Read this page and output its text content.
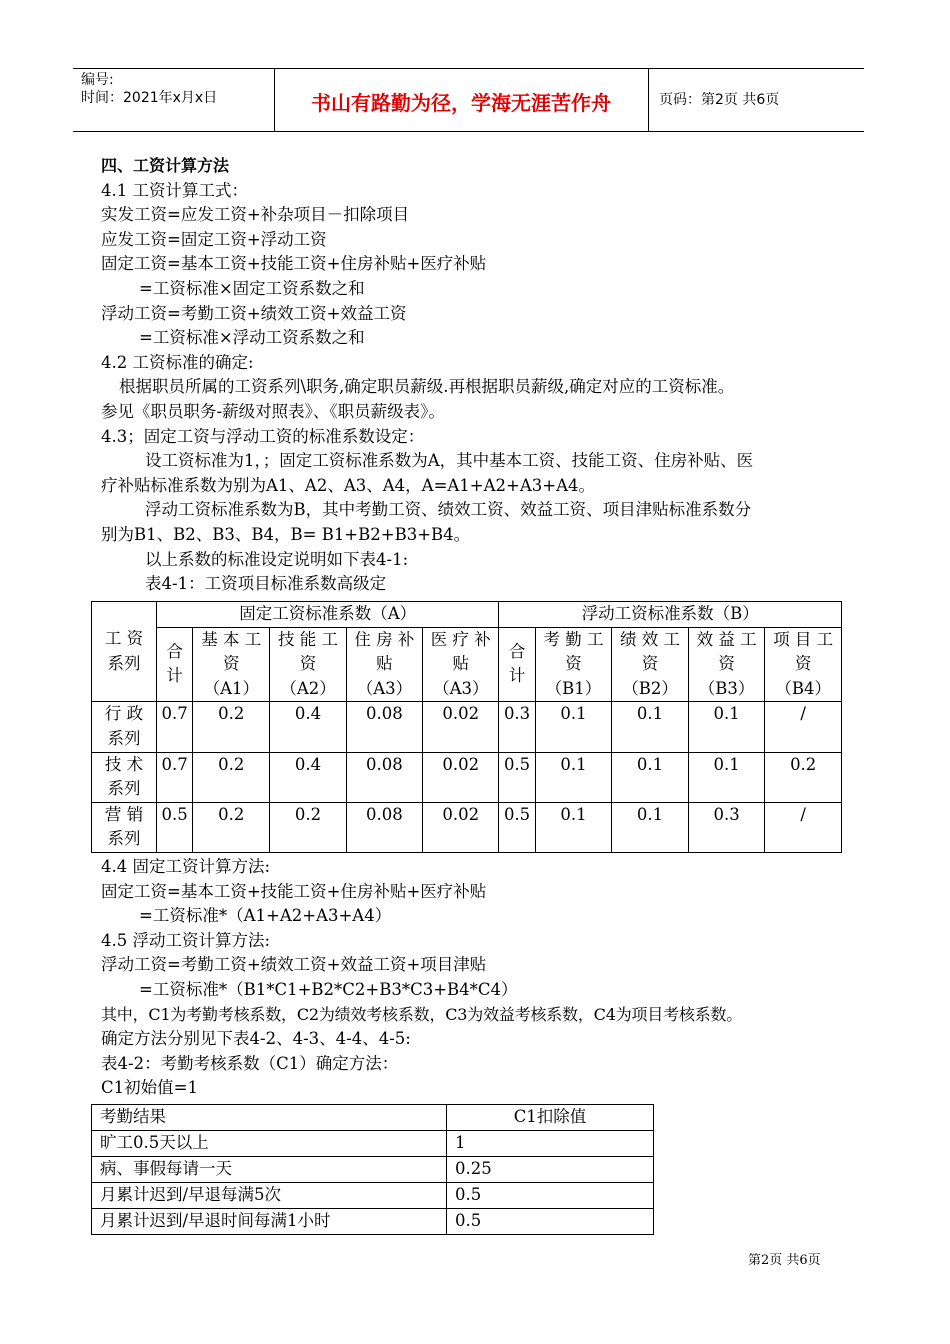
编号:
时间：2021年x月x日	书山有路勤为径，学海无涯苦作舟	页码：第2页 共6页

四、工资计算方法

4.1 工资计算工式：

实发工资=应发工资+补杂项目－扣除项目

应发工资=固定工资+浮动工资

固定工资=基本工资+技能工资+住房补贴+医疗补贴

=工资标准×固定工资系数之和

浮动工资=考勤工资+绩效工资+效益工资

=工资标准×浮动工资系数之和

4.2 工资标准的确定:

根据职员所属的工资系列\职务,确定职员薪级.再根据职员薪级,确定对应的工资标准。

参见《职员职务-薪级对照表》、《职员薪级表》。

4.3；固定工资与浮动工资的标准系数设定：

设工资标准为1，；固定工资标准系数为A，其中基本工资、技能工资、住房补贴、医

疗补贴标准系数为别为A1、A2、A3、A4，A=A1+A2+A3+A4。

浮动工资标准系数为B，其中考勤工资、绩效工资、效益工资、项目津贴标准系数分

别为B1、B2、B3、B4，B= B1+B2+B3+B4。

以上系数的标准设定说明如下表4-1:

表4-1：工资项目标准系数高级定

工 资
系列	固定工资标准系数（A）					浮动工资标准系数（B）				
	合计	基 本 工 资 （A1）	技 能 工资 （A2）	住 房 补贴 （A3）	医 疗 补贴 （A3）	合计	考 勤 工资 （B1）	绩 效 工资 （B2）	效 益 工资 （B3）	项 目 工资 （B4）

行 政
系列	0.7	0.2	0.4	0.08	0.02	0.3	0.1	0.1	0.1	/

技 术
系列	0.7	0.2	0.4	0.08	0.02	0.5	0.1	0.1	0.1	0.2

营 销
系列	0.5	0.2	0.2	0.08	0.02	0.5	0.1	0.1	0.3	/

4.4 固定工资计算方法:

固定工资=基本工资+技能工资+住房补贴+医疗补贴

=工资标准*（A1+A2+A3+A4）

4.5 浮动工资计算方法:

浮动工资=考勤工资+绩效工资+效益工资+项目津贴

=工资标准*（B1*C1+B2*C2+B3*C3+B4*C4）

其中，C1为考勤考核系数，C2为绩效考核系数，C3为效益考核系数，C4为项目考核系数。

确定方法分别见下表4-2、4-3、4-4、4-5:

表4-2：考勤考核系数（C1）确定方法：

C1初始值=1

考勤结果	C1扣除值
旷工0.5天以上	1
病、事假每请一天	0.25
月累计迟到/早退每满5次	0.5
月累计迟到/早退时间每满1小时	0.5
第2页 共6页
